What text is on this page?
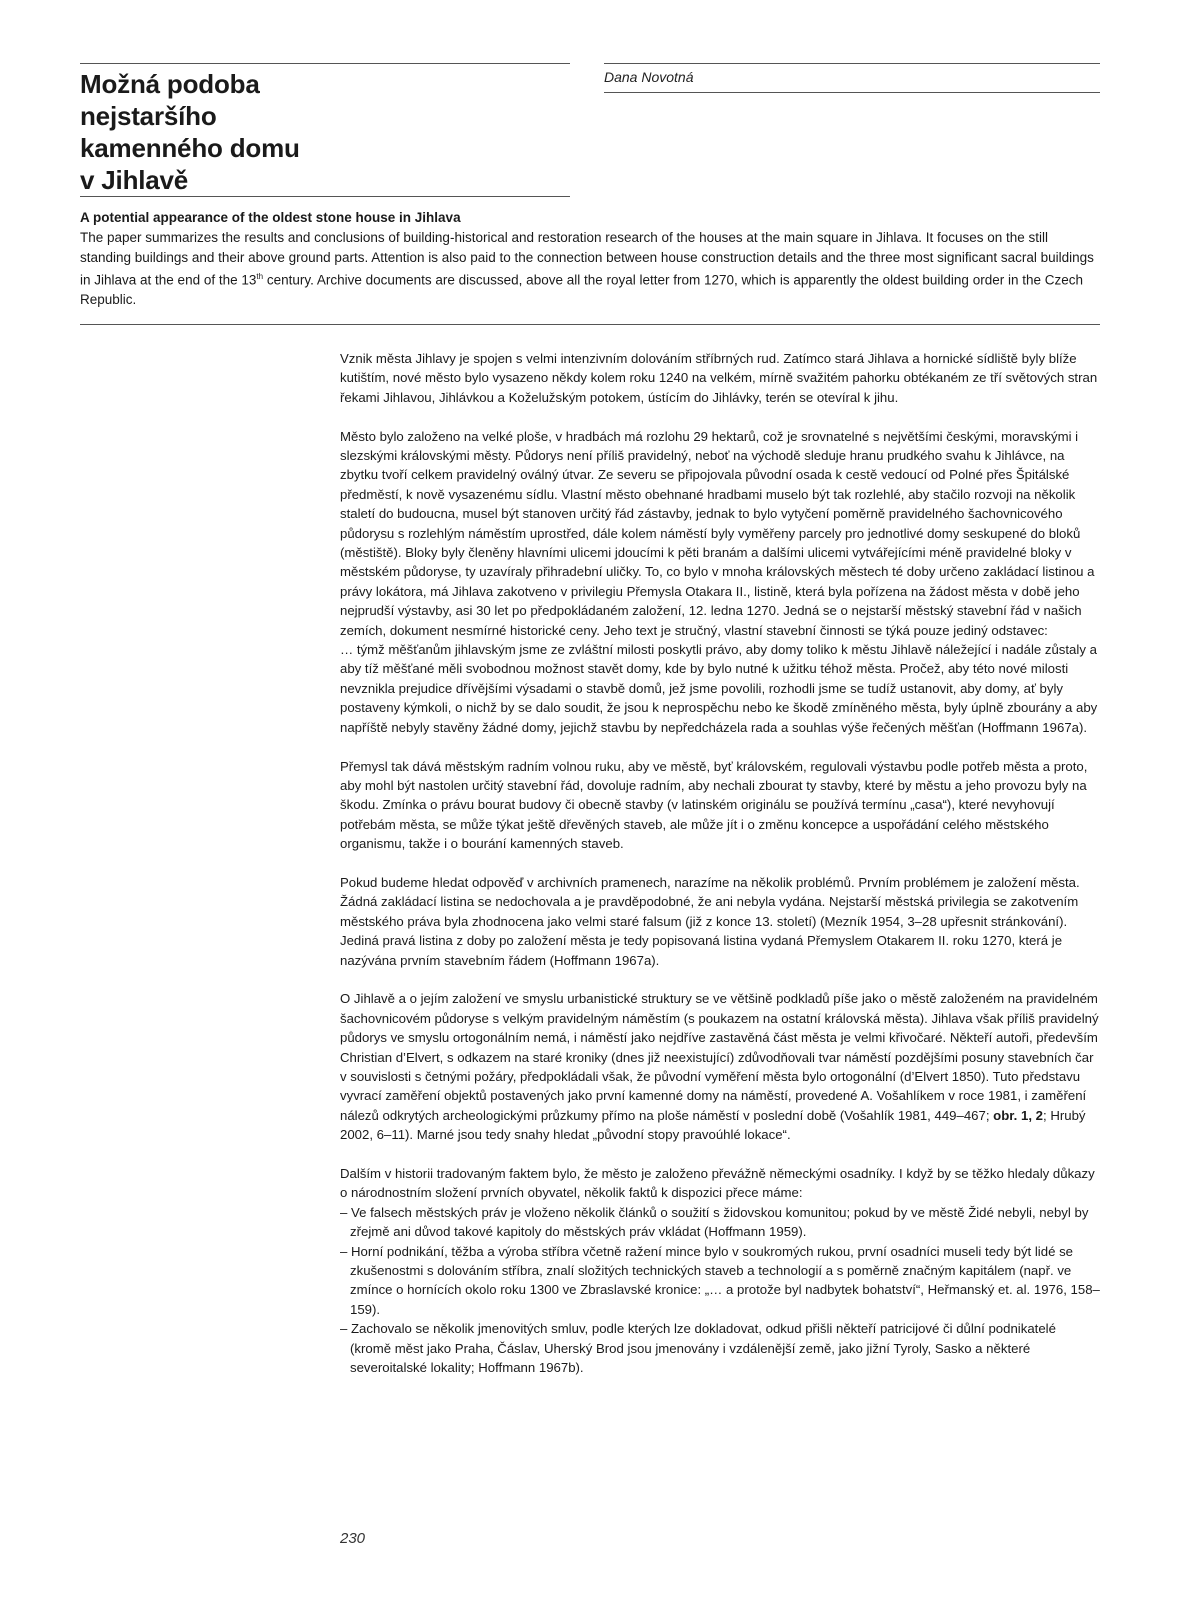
Možná podoba
nejstaršího
kamenného domu
v Jihlavě
Dana Novotná
A potential appearance of the oldest stone house in Jihlava

The paper summarizes the results and conclusions of building-historical and restoration research of the houses at the main square in Jihlava. It focuses on the still standing buildings and their above ground parts. Attention is also paid to the connection between house construction details and the three most significant sacral buildings in Jihlava at the end of the 13th century. Archive documents are discussed, above all the royal letter from 1270, which is apparently the oldest building order in the Czech Republic.

Vznik města Jihlavy je spojen s velmi intenzivním dolováním stříbrných rud. Zatímco stará Jihlava a hornické sídliště byly blíže kutištím, nové město bylo vysazeno někdy kolem roku 1240 na velkém, mírně svažitém pahorku obtékaném ze tří světových stran řekami Jihlavou, Jihlávkou a Koželužským potokem, ústícím do Jihlávky, terén se otevíral k jihu.

Město bylo založeno na velké ploše, v hradbách má rozlohu 29 hektarů, což je srovnatelné s největšími českými, moravskými i slezskými královskými městy. Půdorys není příliš pravidelný, neboť na východě sleduje hranu prudkého svahu k Jihlávce, na zbytku tvoří celkem pravidelný oválný útvar. Ze severu se připojovala původní osada k cestě vedoucí od Polné přes Špitálské předměstí, k nově vysazenému sídlu. Vlastní město obehnané hradbami muselo být tak rozlehlé, aby stačilo rozvoji na několik staletí do budoucna, musel být stanoven určitý řád zástavby, jednak to bylo vytyčení poměrně pravidelného šachovnicového půdorysu s rozlehlým náměstím uprostřed, dále kolem náměstí byly vyměřeny parcely pro jednotlivé domy seskupené do bloků (městiště). Bloky byly členěny hlavními ulicemi jdoucími k pěti branám a dalšími ulicemi vytvářejícími méně pravidelné bloky v městském půdoryse, ty uzavíraly přihradební uličky. To, co bylo v mnoha královských městech té doby určeno zakládací listinou a právy lokátora, má Jihlava zakotveno v privilegiu Přemysla Otakara II., listině, která byla pořízena na žádost města v době jeho nejprudší výstavby, asi 30 let po předpokládaném založení, 12. ledna 1270. Jedná se o nejstarší městský stavební řád v našich zemích, dokument nesmírné historické ceny. Jeho text je stručný, vlastní stavební činnosti se týká pouze jediný odstavec:

… týmž měšťanům jihlavským jsme ze zvláštní milosti poskytli právo, aby domy toliko k městu Jihlavě náležející i nadále zůstaly a aby tíž měšťané měli svobodnou možnost stavět domy, kde by bylo nutné k užitku téhož města. Pročež, aby této nové milosti nevznikla prejudice dřívějšími výsadami o stavbě domů, jež jsme povolili, rozhodli jsme se tudíž ustanovit, aby domy, ať byly postaveny kýmkoli, o nichž by se dalo soudit, že jsou k neprospěchu nebo ke škodě zmíněného města, byly úplně zbourány a aby napříště nebyly stavěny žádné domy, jejichž stavbu by nepředcházela rada a souhlas výše řečených měšťan (Hoffmann 1967a).

Přemysl tak dává městským radním volnou ruku, aby ve městě, byť královském, regulovali výstavbu podle potřeb města a proto, aby mohl být nastolen určitý stavební řád, dovoluje radním, aby nechali zbourat ty stavby, které by městu a jeho provozu byly na škodu. Zmínka o právu bourat budovy či obecně stavby (v latinském originálu se používá termínu „casa“), které nevyhovují potřebám města, se může týkat ještě dřevěných staveb, ale může jít i o změnu koncepce a uspořádání celého městského organismu, takže i o bourání kamenných staveb.

Pokud budeme hledat odpověď v archivních pramenech, narazíme na několik problémů. Prvním problémem je založení města. Žádná zakládací listina se nedochovala a je pravděpodobné, že ani nebyla vydána. Nejstarší městská privilegia se zakotvením městského práva byla zhodnocena jako velmi staré falsum (již z konce 13. století) (Mezník 1954, 3–28 upřesnit stránkování). Jediná pravá listina z doby po založení města je tedy popisovaná listina vydaná Přemyslem Otakarem II. roku 1270, která je nazývána prvním stavebním řádem (Hoffmann 1967a).

O Jihlavě a o jejím založení ve smyslu urbanistické struktury se ve většině podkladů píše jako o městě založeném na pravidelném šachovnicovém půdoryse s velkým pravidelným náměstím (s poukazem na ostatní královská města). Jihlava však příliš pravidelný půdorys ve smyslu ortogonálním nemá, i náměstí jako nejdříve zastavěná část města je velmi křivočaré. Někteří autoři, především Christian d’Elvert, s odkazem na staré kroniky (dnes již neexistující) zdůvodňovali tvar náměstí pozdějšími posuny stavebních čar v souvislosti s četnými požáry, předpokládali však, že původní vyměření města bylo ortogonální (d’Elvert 1850). Tuto představu vyvrací zaměření objektů postavených jako první kamenné domy na náměstí, provedené A. Vošahlíkem v roce 1981, i zaměření nálezů odkrytých archeologickými průzkumy přímo na ploše náměstí v poslední době (Vošahlík 1981, 449–467; obr. 1, 2; Hrubý 2002, 6–11). Marné jsou tedy snahy hledat „původní stopy pravoúhlé lokace“.

Dalším v historii tradovaným faktem bylo, že město je založeno převážně německými osadníky. I když by se těžko hledaly důkazy o národnostním složení prvních obyvatel, několik faktů k dispozici přece máme:

– Ve falsech městských práv je vloženo několik článků o soužití s židovskou komunitou; pokud by ve městě Židé nebyli, nebyl by zřejmě ani důvod takové kapitoly do městských práv vkládat (Hoffmann 1959).
– Horní podnikání, těžba a výroba stříbra včetně ražení mince bylo v soukromých rukou, první osadníci museli tedy být lidé se zkušenostmi s dolováním stříbra, znalí složitých technických staveb a technologií a s poměrně značným kapitálem (např. ve zmínce o hornících okolo roku 1300 ve Zbraslavské kronice: „… a protože byl nadbytek bohatství“, Heřmanský et. al. 1976, 158–159).
– Zachovalo se několik jmenovitých smluv, podle kterých lze dokladovat, odkud přišli někteří patricijové či důlní podnikatelé (kromě měst jako Praha, Čáslav, Uherský Brod jsou jmenovány i vzdálenější země, jako jižní Tyroly, Sasko a některé severoitalské lokality; Hoffmann 1967b).
230
